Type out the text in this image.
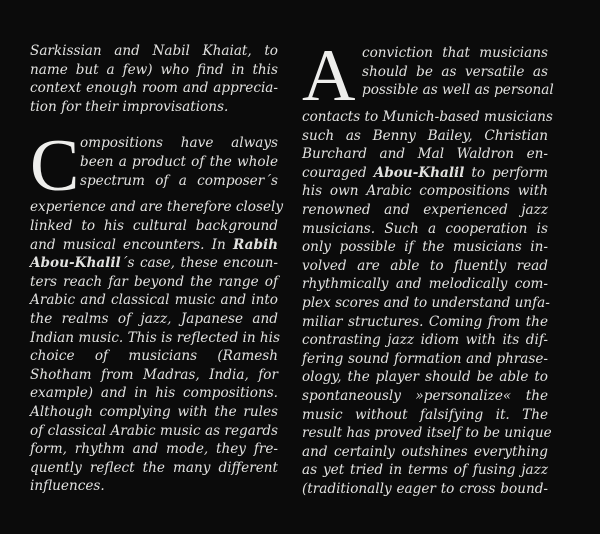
Sarkissian and Nabil Khaiat, to
name but a few) who find in this
context enough room and apprecia-
tion for their improvisations.
C ompositions have always
been a product of the whole
spectrum of a composer´s
experience and are therefore closely
linked to his cultural background
and musical encounters. In Rabih
Abou-Khalil´s case, these encoun-
ters reach far beyond the range of
Arabic and classical music and into
the realms of jazz, Japanese and
Indian music. This is reflected in his
choice of musicians (Ramesh
Shotham from Madras, India, for
example) and in his compositions.
Although complying with the rules
of classical Arabic music as regards
form, rhythm and mode, they fre-
quently reflect the many different
influences.
A conviction that musicians
should be as versatile as
possible as well as personal
contacts to Munich-based musicians
such as Benny Bailey, Christian
Burchard and Mal Waldron en-
couraged Abou-Khalil to perform
his own Arabic compositions with
renowned and experienced jazz
musicians. Such a cooperation is
only possible if the musicians in-
volved are able to fluently read
rhythmically and melodically com-
plex scores and to understand unfa-
miliar structures. Coming from the
contrasting jazz idiom with its dif-
fering sound formation and phrase-
ology, the player should be able to
spontaneously »personalize« the
music without falsifying it. The
result has proved itself to be unique
and certainly outshines everything
as yet tried in terms of fusing jazz
(traditionally eager to cross bound-
